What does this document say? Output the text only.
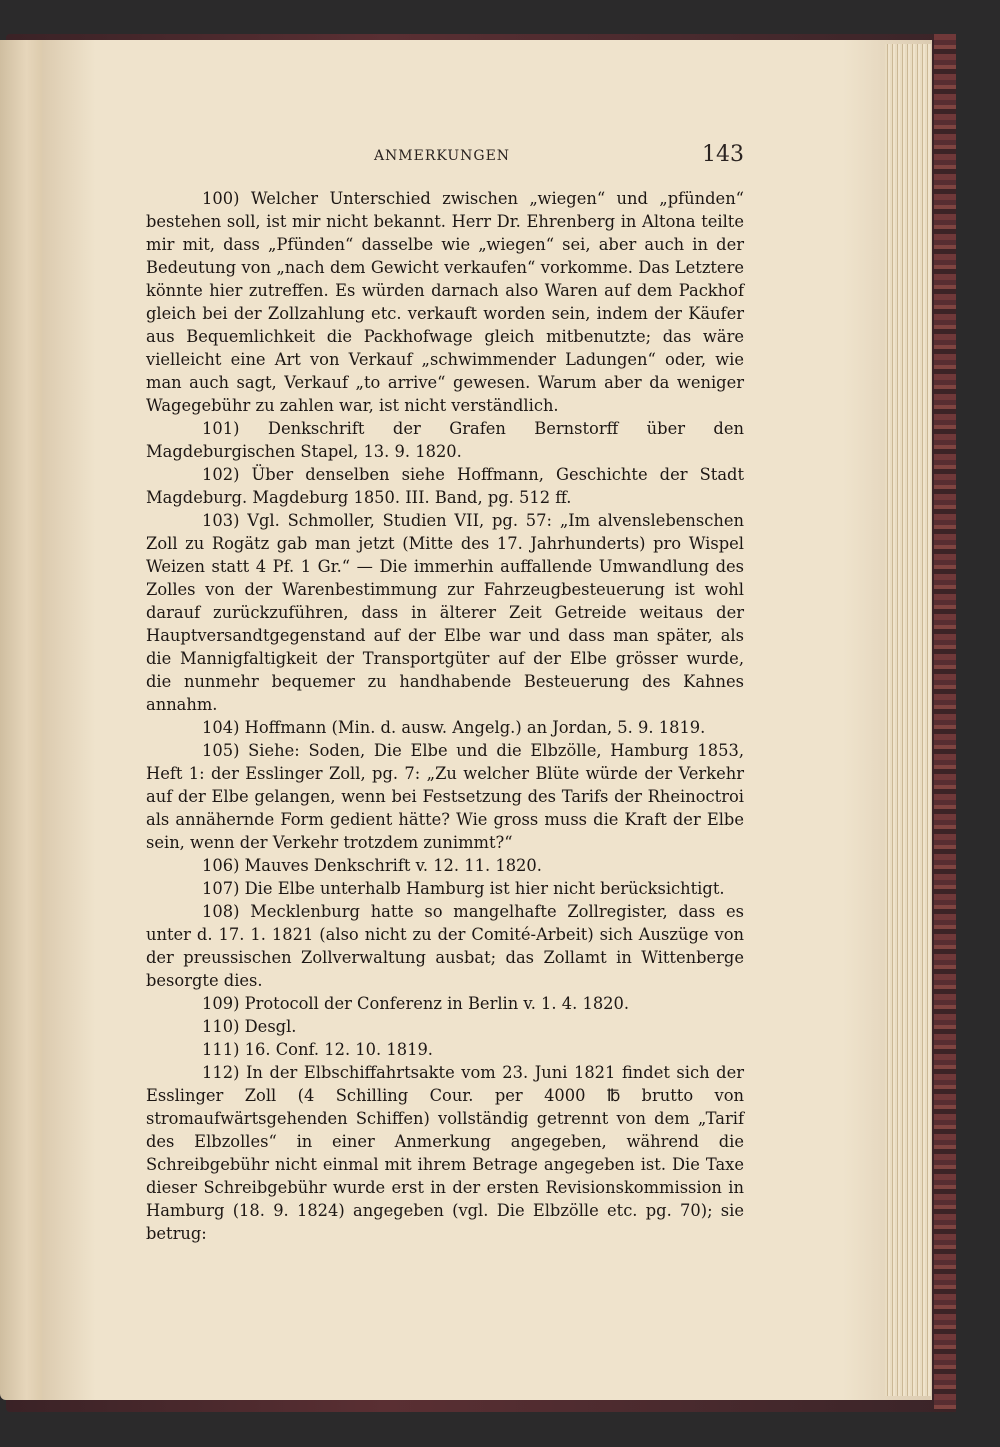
ANMERKUNGEN	143

100) Welcher Unterschied zwischen „wiegen“ und „pfünden“ bestehen soll, ist mir nicht bekannt. Herr Dr. Ehrenberg in Altona teilte mir mit, dass „Pfünden“ dasselbe wie „wiegen“ sei, aber auch in der Bedeutung von „nach dem Gewicht verkaufen“ vorkomme. Das Letztere könnte hier zutreffen. Es würden darnach also Waren auf dem Packhof gleich bei der Zollzahlung etc. verkauft worden sein, indem der Käufer aus Bequemlichkeit die Packhofwage gleich mitbenutzte; das wäre vielleicht eine Art von Verkauf „schwimmender Ladungen“ oder, wie man auch sagt, Verkauf „to arrive“ gewesen. Warum aber da weniger Wagegebühr zu zahlen war, ist nicht verständlich.

101) Denkschrift der Grafen Bernstorff über den Magdeburgischen Stapel, 13. 9. 1820.

102) Über denselben siehe Hoffmann, Geschichte der Stadt Magdeburg. Magdeburg 1850. III. Band, pg. 512 ff.

103) Vgl. Schmoller, Studien VII, pg. 57: „Im alvenslebenschen Zoll zu Rogätz gab man jetzt (Mitte des 17. Jahrhunderts) pro Wispel Weizen statt 4 Pf. 1 Gr.“ — Die immerhin auffallende Umwandlung des Zolles von der Warenbestimmung zur Fahrzeugbesteuerung ist wohl darauf zurückzuführen, dass in älterer Zeit Getreide weitaus der Hauptversandtgegenstand auf der Elbe war und dass man später, als die Mannigfaltigkeit der Transportgüter auf der Elbe grösser wurde, die nunmehr bequemer zu handhabende Besteuerung des Kahnes annahm.

104) Hoffmann (Min. d. ausw. Angelg.) an Jordan, 5. 9. 1819.

105) Siehe: Soden, Die Elbe und die Elbzölle, Hamburg 1853, Heft 1: der Esslinger Zoll, pg. 7: „Zu welcher Blüte würde der Verkehr auf der Elbe gelangen, wenn bei Festsetzung des Tarifs der Rheinoctroi als annähernde Form gedient hätte? Wie gross muss die Kraft der Elbe sein, wenn der Verkehr trotzdem zunimmt?“

106) Mauves Denkschrift v. 12. 11. 1820.

107) Die Elbe unterhalb Hamburg ist hier nicht berücksichtigt.

108) Mecklenburg hatte so mangelhafte Zollregister, dass es unter d. 17. 1. 1821 (also nicht zu der Comité-Arbeit) sich Auszüge von der preussischen Zollverwaltung ausbat; das Zollamt in Wittenberge besorgte dies.

109) Protocoll der Conferenz in Berlin v. 1. 4. 1820.

110) Desgl.

111) 16. Conf. 12. 10. 1819.

112) In der Elbschiffahrtsakte vom 23. Juni 1821 findet sich der Esslinger Zoll (4 Schilling Cour. per 4000 ℔ brutto von stromaufwärtsgehenden Schiffen) vollständig getrennt von dem „Tarif des Elbzolles“ in einer Anmerkung angegeben, während die Schreibgebühr nicht einmal mit ihrem Betrage angegeben ist. Die Taxe dieser Schreibgebühr wurde erst in der ersten Revisionskommission in Hamburg (18. 9. 1824) angegeben (vgl. Die Elbzölle etc. pg. 70); sie betrug:
